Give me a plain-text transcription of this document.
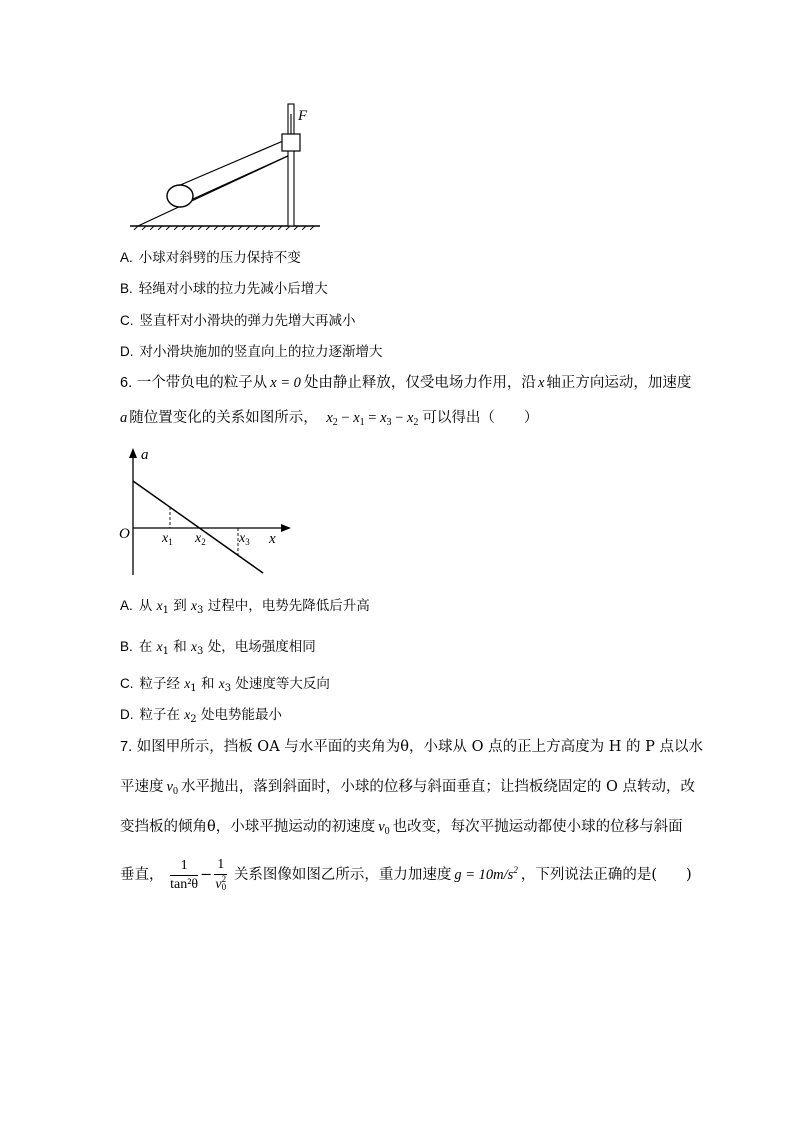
F
A. 小球对斜劈的压力保持不变
B. 轻绳对小球的拉力先减小后增大
C. 竖直杆对小滑块的弹力先增大再减小
D. 对小滑块施加的竖直向上的拉力逐渐增大
6. 一个带负电的粒子从 x = 0 处由静止释放，仅受电场力作用，沿 x 轴正方向运动，加速度
a 随位置变化的关系如图所示， $x_2 - x_1 = x_3 - x_2$ 可以得出（　　）
a
x
O $x_1$ $x_2$ $x_3$
A. 从 $x_1$ 到 $x_3$ 过程中，电势先降低后升高
B. 在 $x_1$ 和 $x_3$ 处，电场强度相同
C. 粒子经 $x_1$ 和 $x_3$ 处速度等大反向
D. 粒子在 $x_2$ 处电势能最小
7. 如图甲所示，挡板 OA 与水平面的夹角为θ，小球从 O 点的正上方高度为 H 的 P 点以水
平速度 $v_0$ 水平抛出，落到斜面时，小球的位移与斜面垂直；让挡板绕固定的 O 点转动，改
变挡板的倾角θ，小球平抛运动的初速度 $v_0$ 也改变，每次平抛运动都使小球的位移与斜面
垂直， $\frac{1}{\text{tan²θ}} - 1$
v 2
0 关系图像如图乙所示，重力加速度 $g = 10m/s^2$ ，下列说法正确的是(　　)
